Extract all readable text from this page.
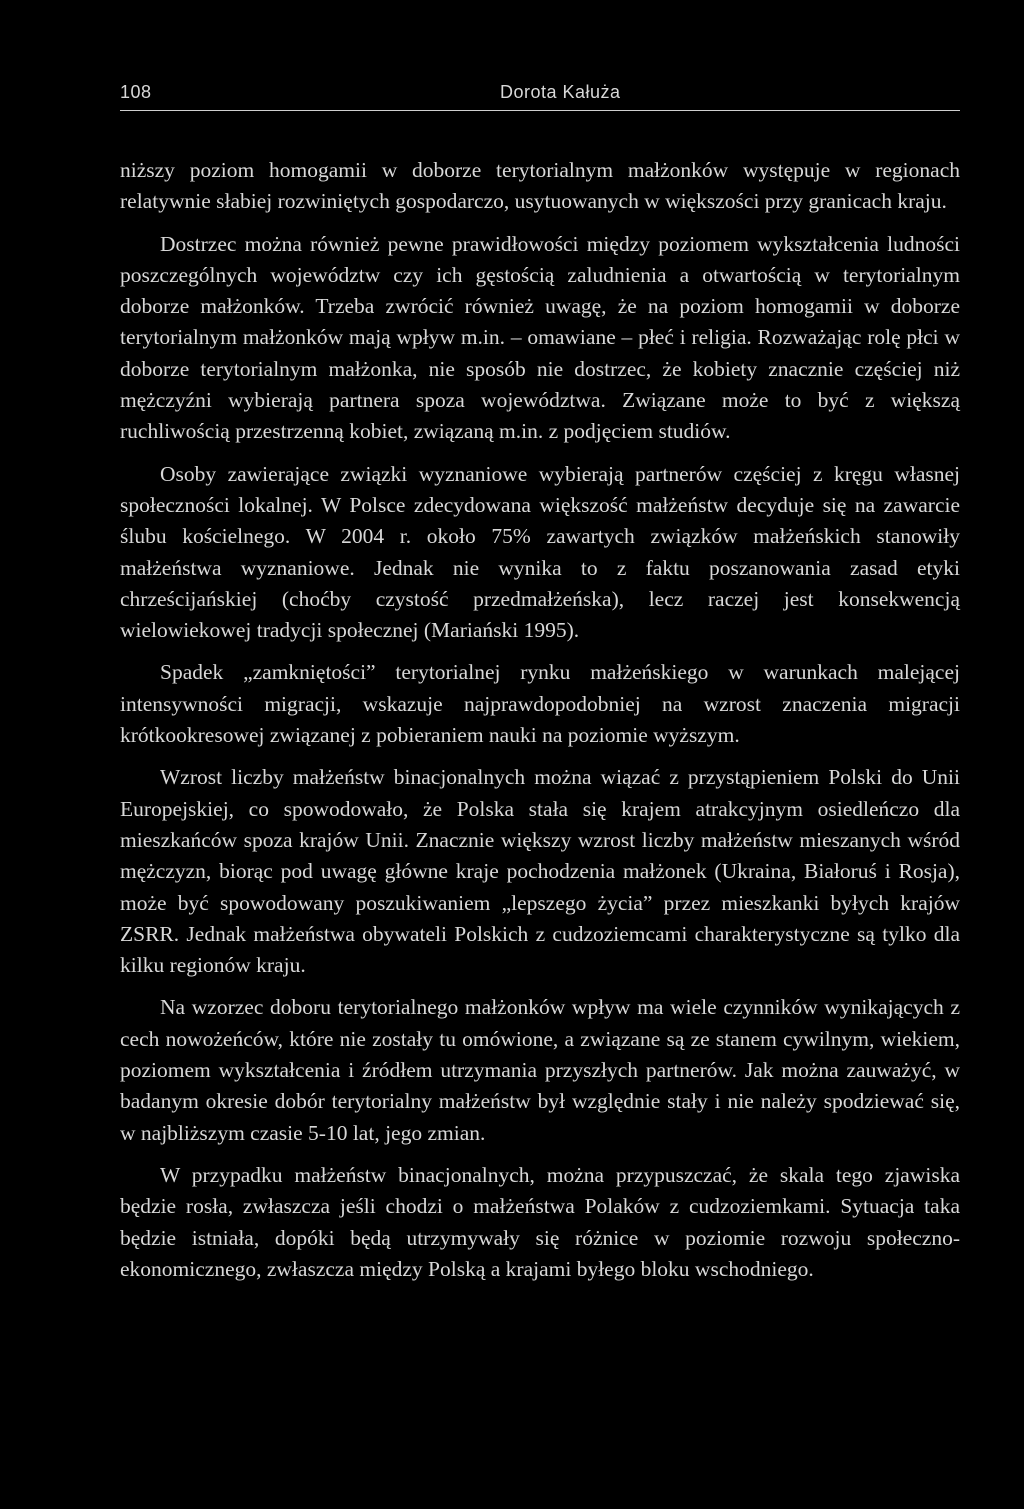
108	Dorota Kałuża

niższy poziom homogamii w doborze terytorialnym małżonków występuje w regionach relatywnie słabiej rozwiniętych gospodarczo, usytuowanych w większości przy granicach kraju.

Dostrzec można również pewne prawidłowości między poziomem wykształcenia ludności poszczególnych województw czy ich gęstością zaludnienia a otwartością w terytorialnym doborze małżonków. Trzeba zwrócić również uwagę, że na poziom homogamii w doborze terytorialnym małżonków mają wpływ m.in. – omawiane – płeć i religia. Rozważając rolę płci w doborze terytorialnym małżonka, nie sposób nie dostrzec, że kobiety znacznie częściej niż mężczyźni wybierają partnera spoza województwa. Związane może to być z większą ruchliwością przestrzenną kobiet, związaną m.in. z podjęciem studiów.

Osoby zawierające związki wyznaniowe wybierają partnerów częściej z kręgu własnej społeczności lokalnej. W Polsce zdecydowana większość małżeństw decyduje się na zawarcie ślubu kościelnego. W 2004 r. około 75% zawartych związków małżeńskich stanowiły małżeństwa wyznaniowe. Jednak nie wynika to z faktu poszanowania zasad etyki chrześcijańskiej (choćby czystość przedmałżeńska), lecz raczej jest konsekwencją wielowiekowej tradycji społecznej (Mariański 1995).

Spadek „zamkniętości” terytorialnej rynku małżeńskiego w warunkach malejącej intensywności migracji, wskazuje najprawdopodobniej na wzrost znaczenia migracji krótkookresowej związanej z pobieraniem nauki na poziomie wyższym.

Wzrost liczby małżeństw binacjonalnych można wiązać z przystąpieniem Polski do Unii Europejskiej, co spowodowało, że Polska stała się krajem atrakcyjnym osiedleńczo dla mieszkańców spoza krajów Unii. Znacznie większy wzrost liczby małżeństw mieszanych wśród mężczyzn, biorąc pod uwagę główne kraje pochodzenia małżonek (Ukraina, Białoruś i Rosja), może być spowodowany poszukiwaniem „lepszego życia” przez mieszkanki byłych krajów ZSRR. Jednak małżeństwa obywateli Polskich z cudzoziemcami charakterystyczne są tylko dla kilku regionów kraju.

Na wzorzec doboru terytorialnego małżonków wpływ ma wiele czynników wynikających z cech nowożeńców, które nie zostały tu omówione, a związane są ze stanem cywilnym, wiekiem, poziomem wykształcenia i źródłem utrzymania przyszłych partnerów. Jak można zauważyć, w badanym okresie dobór terytorialny małżeństw był względnie stały i nie należy spodziewać się, w najbliższym czasie 5-10 lat, jego zmian.

W przypadku małżeństw binacjonalnych, można przypuszczać, że skala tego zjawiska będzie rosła, zwłaszcza jeśli chodzi o małżeństwa Polaków z cudzoziemkami. Sytuacja taka będzie istniała, dopóki będą utrzymywały się różnice w poziomie rozwoju społeczno-ekonomicznego, zwłaszcza między Polską a krajami byłego bloku wschodniego.
